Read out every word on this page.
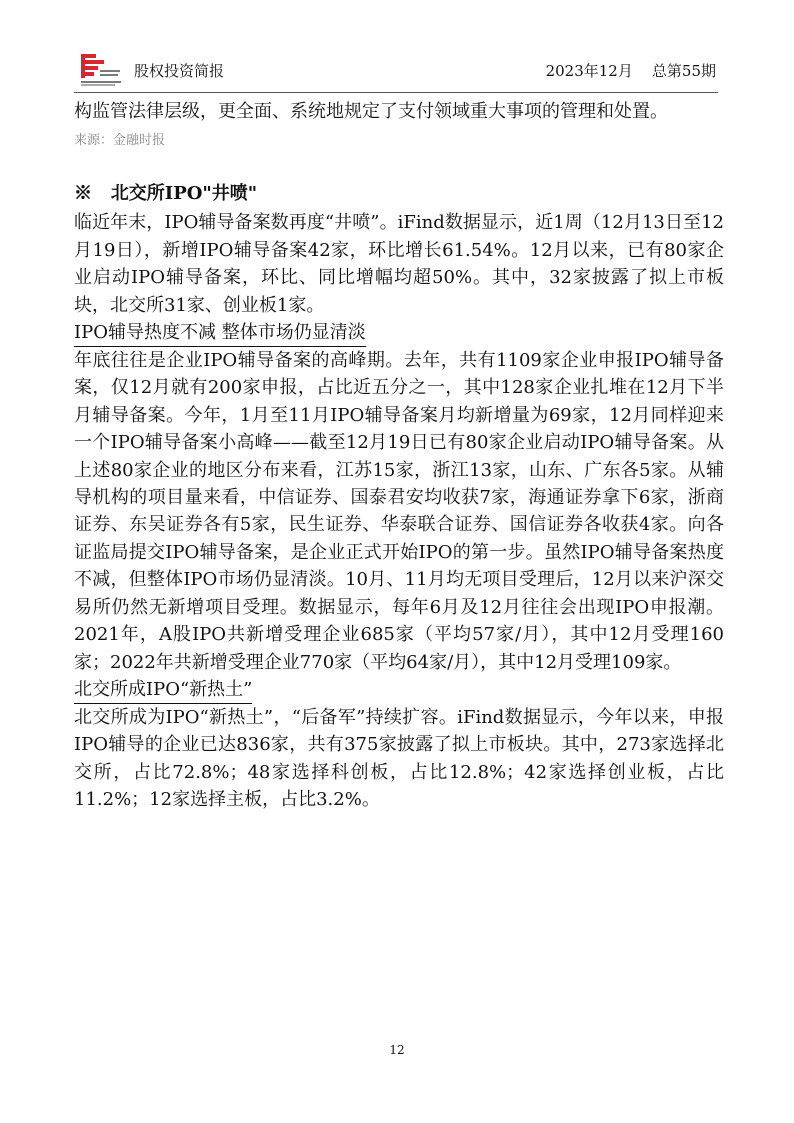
股权投资简报	2023年12月    总第55期

构监管法律层级，更全面、系统地规定了支付领域重大事项的管理和处置。

来源：金融时报

※   北交所IPO"井喷"

临近年末，IPO辅导备案数再度“井喷”。iFind数据显示，近1周（12月13日至12月19日），新增IPO辅导备案42家，环比增长61.54%。12月以来，已有80家企业启动IPO辅导备案，环比、同比增幅均超50%。其中，32家披露了拟上市板块，北交所31家、创业板1家。

IPO辅导热度不减 整体市场仍显清淡

年底往往是企业IPO辅导备案的高峰期。去年，共有1109家企业申报IPO辅导备案，仅12月就有200家申报，占比近五分之一，其中128家企业扎堆在12月下半月辅导备案。今年，1月至11月IPO辅导备案月均新增量为69家，12月同样迎来一个IPO辅导备案小高峰——截至12月19日已有80家企业启动IPO辅导备案。从上述80家企业的地区分布来看，江苏15家，浙江13家，山东、广东各5家。从辅导机构的项目量来看，中信证券、国泰君安均收获7家，海通证券拿下6家，浙商证券、东吴证券各有5家，民生证券、华泰联合证券、国信证券各收获4家。向各证监局提交IPO辅导备案，是企业正式开始IPO的第一步。虽然IPO辅导备案热度不减，但整体IPO市场仍显清淡。10月、11月均无项目受理后，12月以来沪深交易所仍然无新增项目受理。数据显示，每年6月及12月往往会出现IPO申报潮。2021年，A股IPO共新增受理企业685家（平均57家/月），其中12月受理160家；2022年共新增受理企业770家（平均64家/月），其中12月受理109家。

北交所成IPO“新热土”

北交所成为IPO“新热土”，“后备军”持续扩容。iFind数据显示，今年以来，申报IPO辅导的企业已达836家，共有375家披露了拟上市板块。其中，273家选择北交所，占比72.8%；48家选择科创板，占比12.8%；42家选择创业板，占比11.2%；12家选择主板，占比3.2%。

12
